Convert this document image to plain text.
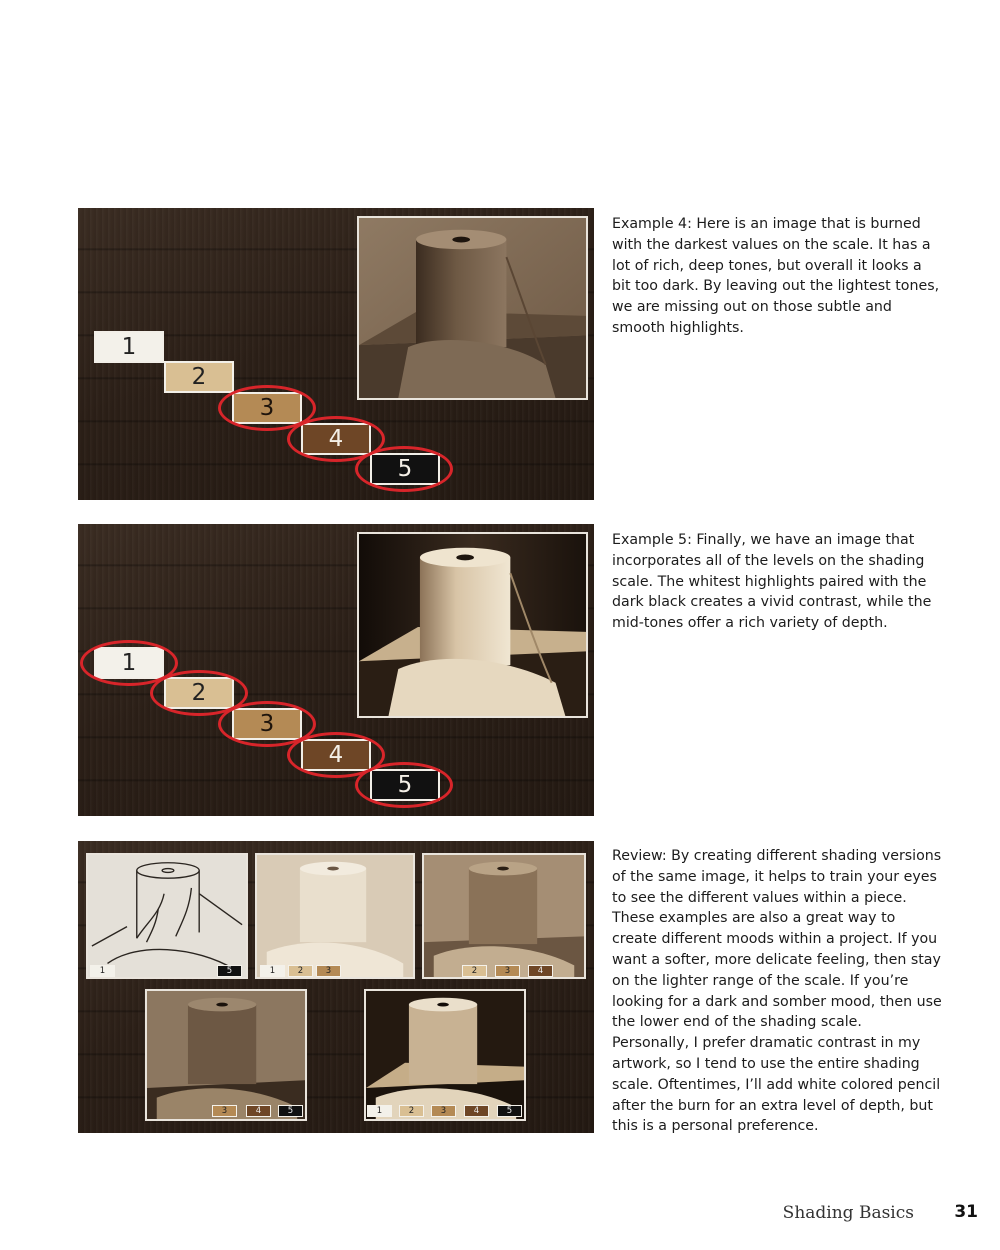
1
2
3
4
5
Example 4: Here is an image that is burned with the darkest values on the scale. It has a lot of rich, deep tones, but overall it looks a bit too dark. By leaving out the lightest tones, we are missing out on those subtle and smooth highlights.
1
2
3
4
5
Example 5: Finally, we have an image that incorporates all of the levels on the shading scale. The whitest highlights paired with the dark black creates a vivid contrast, while the mid-tones offer a rich variety of depth.
1	5	1	2	3	2	3	4
3	4	5	1	2	3	4	5
Review: By creating different shading versions of the same image, it helps to train your eyes to see the different values within a piece. These examples are also a great way to create different moods within a project. If you want a softer, more delicate feeling, then stay on the lighter range of the scale. If you’re looking for a dark and somber mood, then use the lower end of the shading scale. Personally, I prefer dramatic contrast in my artwork, so I tend to use the entire shading scale. Oftentimes, I’ll add white colored pencil after the burn for an extra level of depth, but this is a personal preference.
Shading Basics 31
